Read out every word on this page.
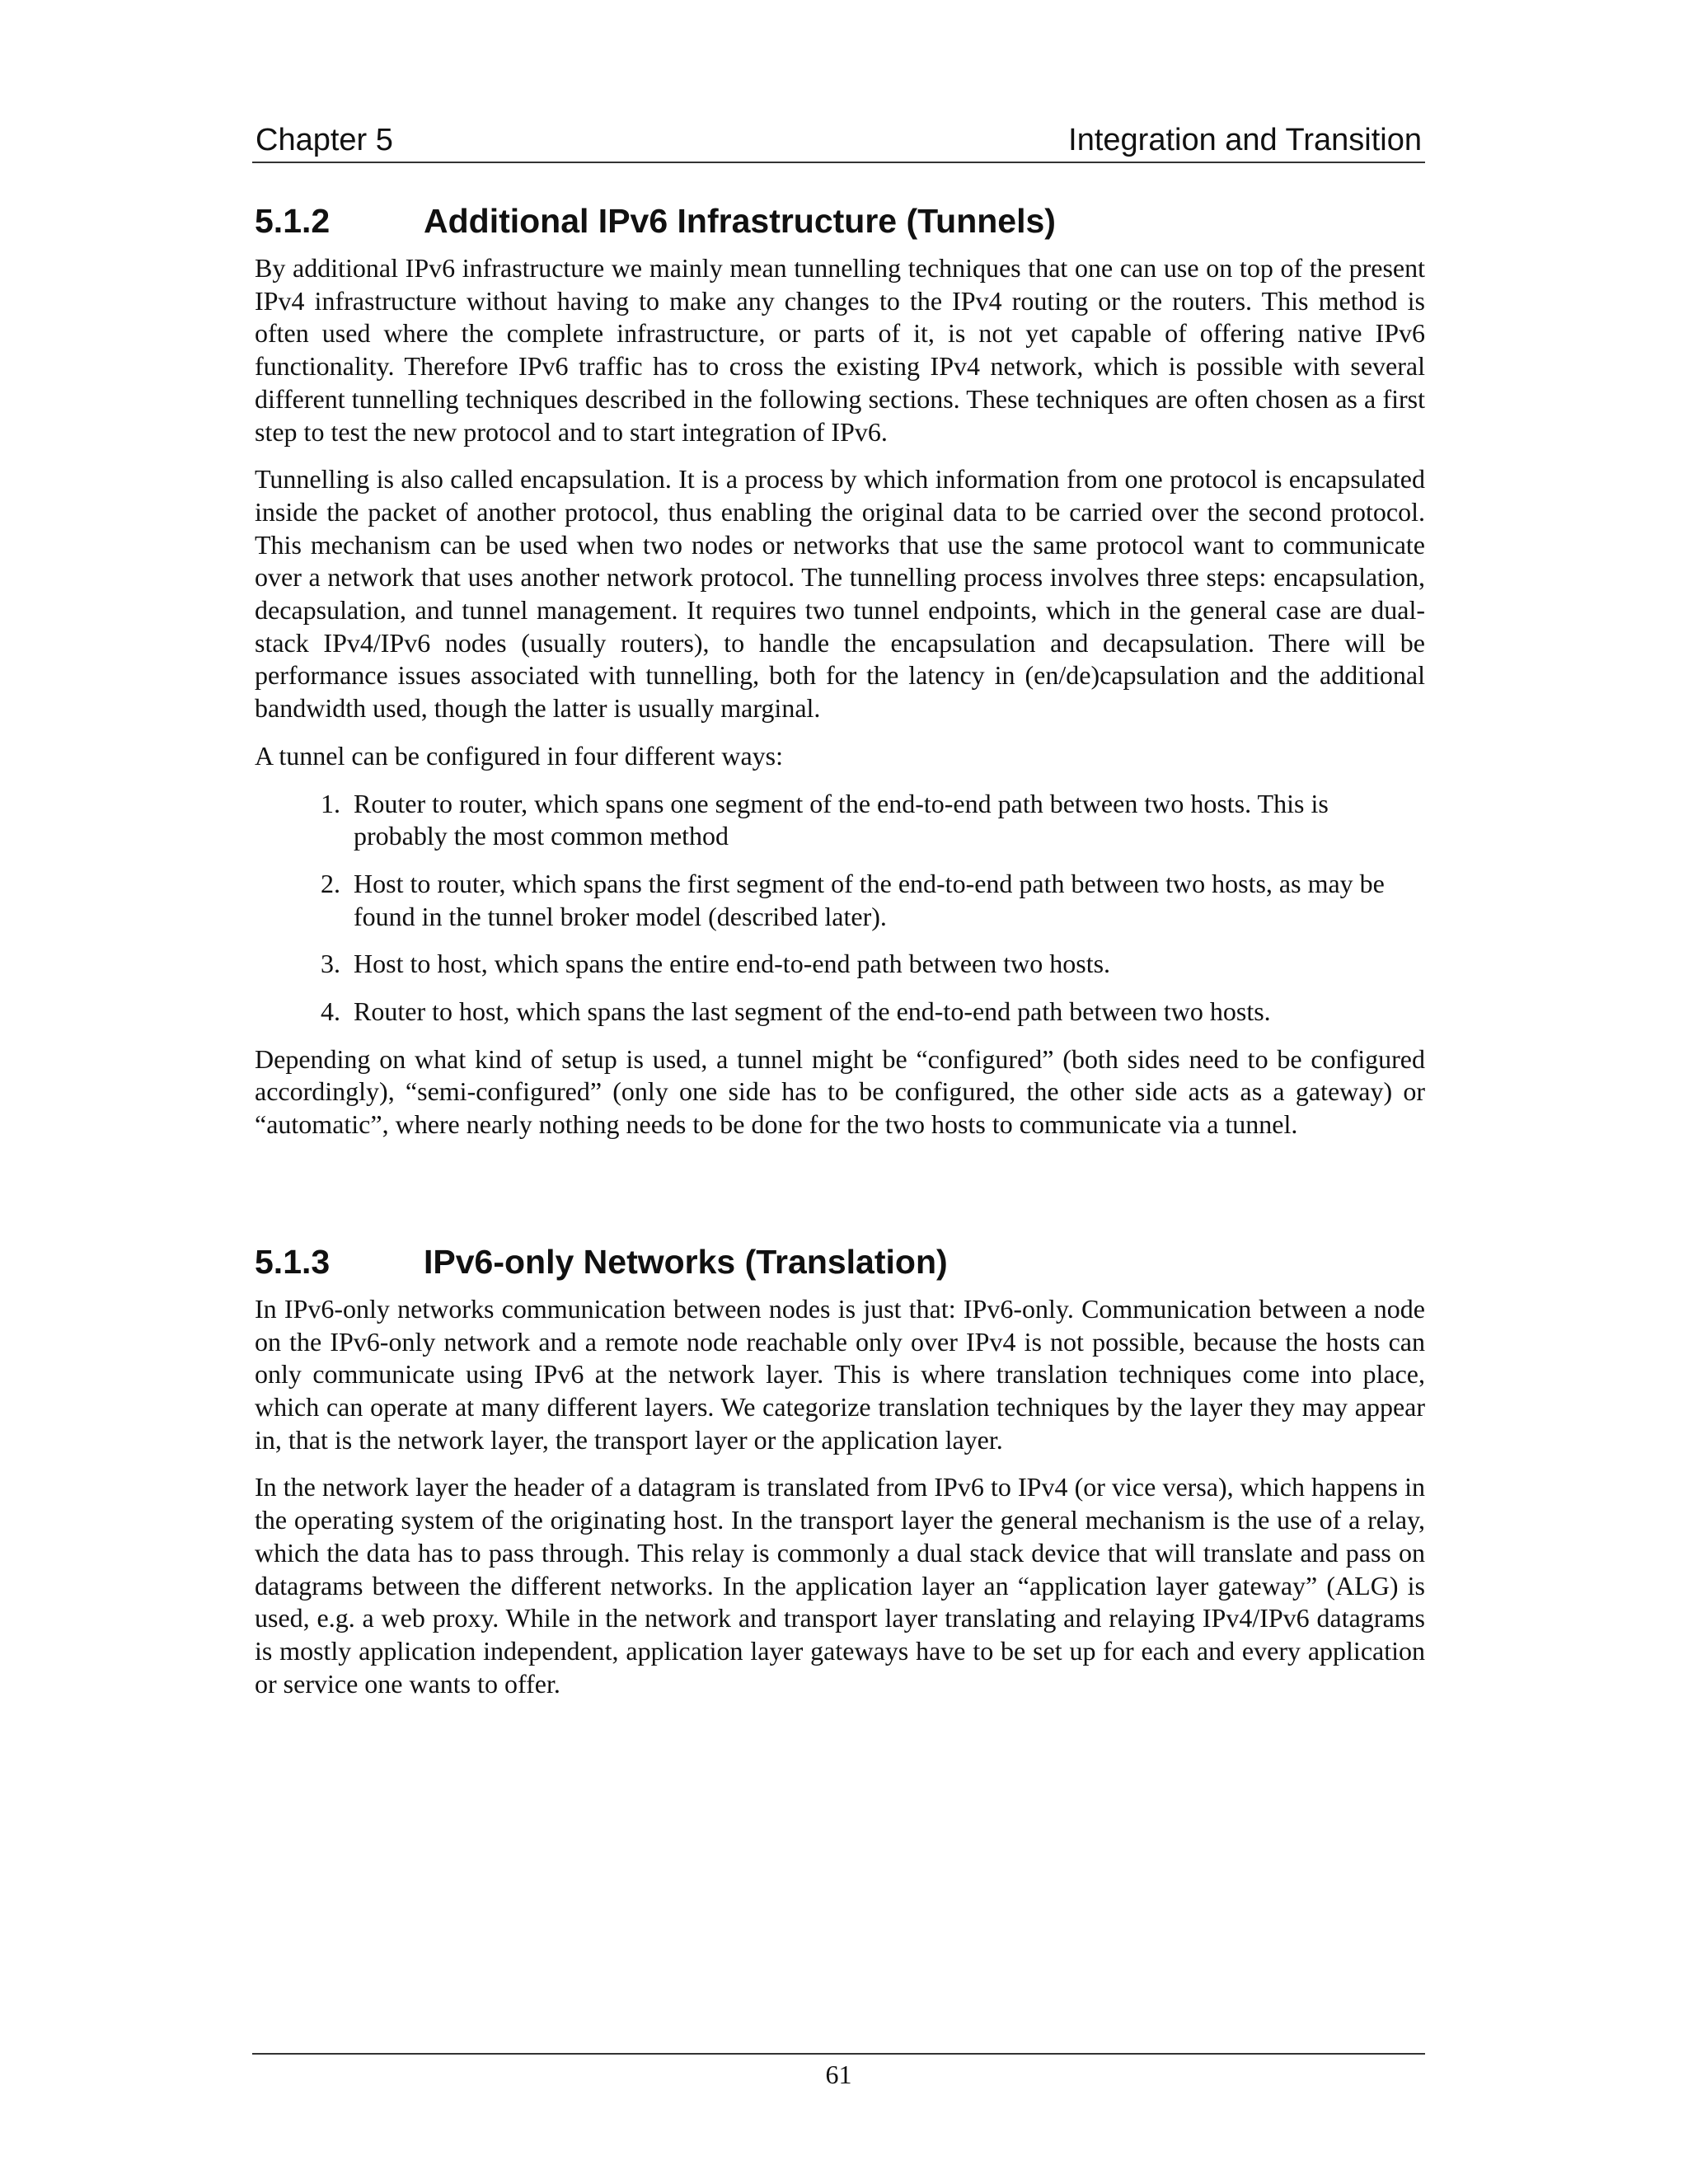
Chapter 5	Integration and Transition
5.1.2	Additional IPv6 Infrastructure (Tunnels)

By additional IPv6 infrastructure we mainly mean tunnelling techniques that one can use on top of the present IPv4 infrastructure without having to make any changes to the IPv4 routing or the routers. This method is often used where the complete infrastructure, or parts of it, is not yet capable of offering native IPv6 functionality. Therefore IPv6 traffic has to cross the existing IPv4 network, which is possible with several different tunnelling techniques described in the following sections. These techniques are often chosen as a first step to test the new protocol and to start integration of IPv6.

Tunnelling is also called encapsulation. It is a process by which information from one protocol is encapsulated inside the packet of another protocol, thus enabling the original data to be carried over the second protocol. This mechanism can be used when two nodes or networks that use the same protocol want to communicate over a network that uses another network protocol. The tunnelling process involves three steps: encapsulation, decapsulation, and tunnel management. It requires two tunnel endpoints, which in the general case are dual-stack IPv4/IPv6 nodes (usually routers), to handle the encapsulation and decapsulation. There will be performance issues associated with tunnelling, both for the latency in (en/de)capsulation and the additional bandwidth used, though the latter is usually marginal.

A tunnel can be configured in four different ways:

1. Router to router, which spans one segment of the end-to-end path between two hosts. This is probably the most common method
2. Host to router, which spans the first segment of the end-to-end path between two hosts, as may be found in the tunnel broker model (described later).
3. Host to host, which spans the entire end-to-end path between two hosts.
4. Router to host, which spans the last segment of the end-to-end path between two hosts.

Depending on what kind of setup is used, a tunnel might be “configured” (both sides need to be configured accordingly), “semi-configured” (only one side has to be configured, the other side acts as a gateway) or “automatic”, where nearly nothing needs to be done for the two hosts to communicate via a tunnel.

5.1.3	IPv6-only Networks (Translation)

In IPv6-only networks communication between nodes is just that: IPv6-only. Communication between a node on the IPv6-only network and a remote node reachable only over IPv4 is not possible, because the hosts can only communicate using IPv6 at the network layer. This is where translation techniques come into place, which can operate at many different layers. We categorize translation techniques by the layer they may appear in, that is the network layer, the transport layer or the application layer.

In the network layer the header of a datagram is translated from IPv6 to IPv4 (or vice versa), which happens in the operating system of the originating host. In the transport layer the general mechanism is the use of a relay, which the data has to pass through. This relay is commonly a dual stack device that will translate and pass on datagrams between the different networks. In the application layer an “application layer gateway” (ALG) is used, e.g. a web proxy. While in the network and transport layer translating and relaying IPv4/IPv6 datagrams is mostly application independent, application layer gateways have to be set up for each and every application or service one wants to offer.

61
